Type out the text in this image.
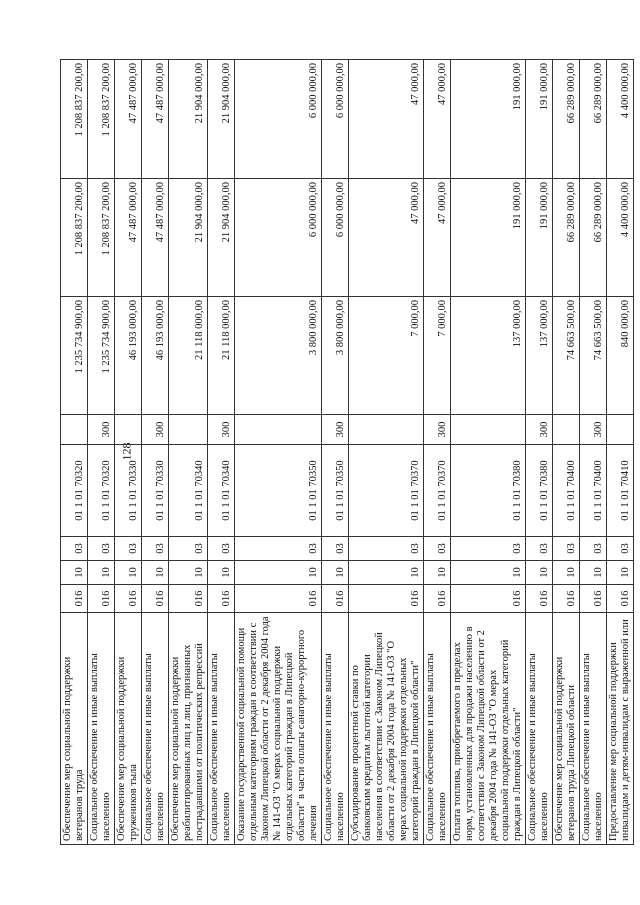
128
Обеспечение мер социальной поддержки ветеранов труда	016	10	03	01 1 01 70320		1 235 734 900,00	1 208 837 200,00	1 208 837 200,00
Социальное обеспечение и иные выплаты населению	016	10	03	01 1 01 70320	300	1 235 734 900,00	1 208 837 200,00	1 208 837 200,00
Обеспечение мер социальной поддержки тружеников тыла	016	10	03	01 1 01 70330		46 193 000,00	47 487 000,00	47 487 000,00
Социальное обеспечение и иные выплаты населению	016	10	03	01 1 01 70330	300	46 193 000,00	47 487 000,00	47 487 000,00
Обеспечение мер социальной поддержки реабилитированных лиц и лиц, признанных пострадавшими от политических репрессий	016	10	03	01 1 01 70340		21 118 000,00	21 904 000,00	21 904 000,00
Социальное обеспечение и иные выплаты населению	016	10	03	01 1 01 70340	300	21 118 000,00	21 904 000,00	21 904 000,00
Оказание государственной социальной помощи отдельным категориям граждан в соответствии с Законом Липецкой области от 2 декабря 2004 года № 141-ОЗ "О мерах социальной поддержки отдельных категорий граждан в Липецкой области" в части оплаты санаторно-курортного лечения	016	10	03	01 1 01 70350		3 800 000,00	6 000 000,00	6 000 000,00
Социальное обеспечение и иные выплаты населению	016	10	03	01 1 01 70350	300	3 800 000,00	6 000 000,00	6 000 000,00
Субсидирование процентной ставки по банковским кредитам льготной категории населения в соответствии с Законом Липецкой области от 2 декабря 2004 года № 141-ОЗ "О мерах социальной поддержки отдельных категорий граждан в Липецкой области"	016	10	03	01 1 01 70370		7 000,00	47 000,00	47 000,00
Социальное обеспечение и иные выплаты населению	016	10	03	01 1 01 70370	300	7 000,00	47 000,00	47 000,00
Оплата топлива, приобретаемого в пределах норм, установленных для продажи населению в соответствии с Законом Липецкой области от 2 декабря 2004 года № 141-ОЗ "О мерах социальной поддержки отдельных категорий граждан в Липецкой области"	016	10	03	01 1 01 70380		137 000,00	191 000,00	191 000,00
Социальное обеспечение и иные выплаты населению	016	10	03	01 1 01 70380	300	137 000,00	191 000,00	191 000,00
Обеспечение мер социальной поддержки ветеранов труда Липецкой области	016	10	03	01 1 01 70400		74 663 500,00	66 289 000,00	66 289 000,00
Социальное обеспечение и иные выплаты населению	016	10	03	01 1 01 70400	300	74 663 500,00	66 289 000,00	66 289 000,00
Предоставление мер социальной поддержки инвалидам и детям-инвалидам с выраженной или	016	10	03	01 1 01 70410		840 000,00	4 400 000,00	4 400 000,00
